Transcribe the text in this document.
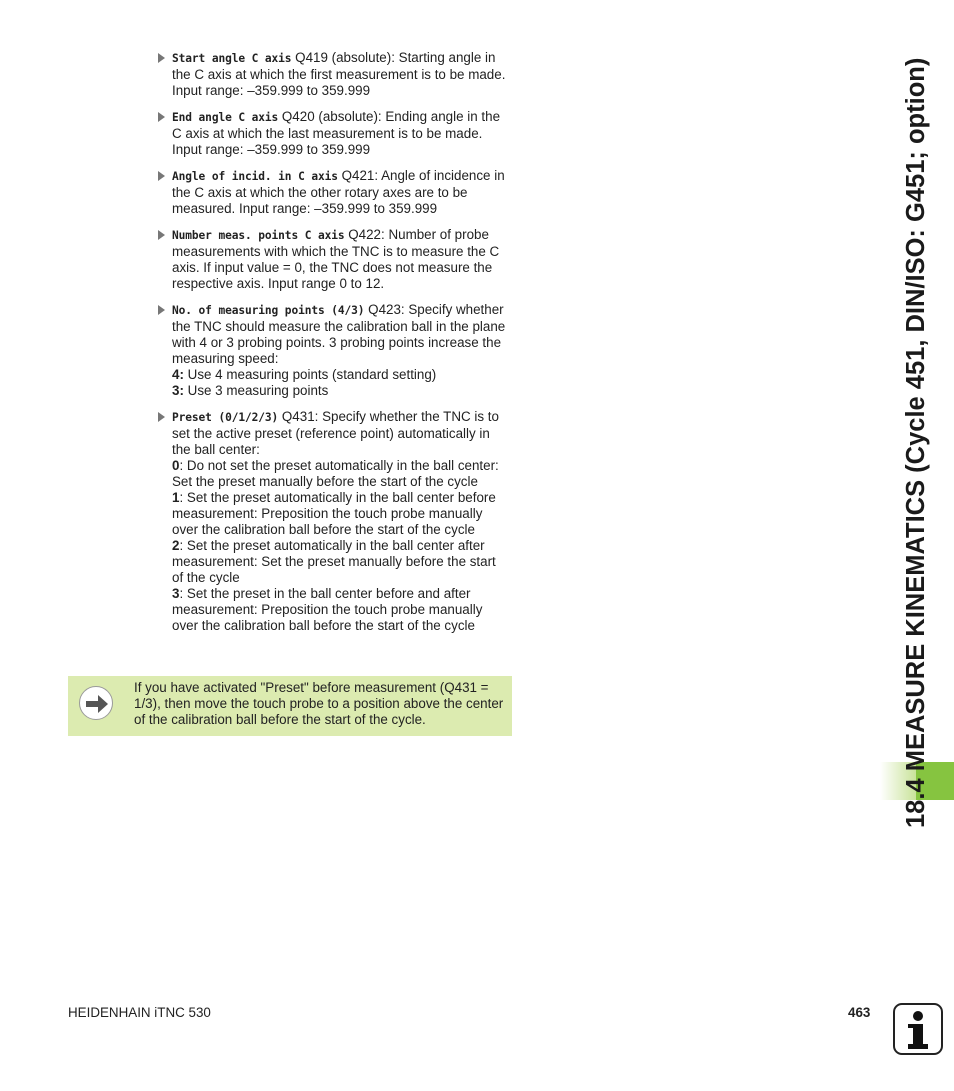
Start angle C axis Q419 (absolute): Starting angle in the C axis at which the first measurement is to be made. Input range: –359.999 to 359.999
End angle C axis Q420 (absolute): Ending angle in the C axis at which the last measurement is to be made. Input range: –359.999 to 359.999
Angle of incid. in C axis Q421: Angle of incidence in the C axis at which the other rotary axes are to be measured. Input range: –359.999 to 359.999
Number meas. points C axis Q422: Number of probe measurements with which the TNC is to measure the C axis. If input value = 0, the TNC does not measure the respective axis. Input range 0 to 12.
No. of measuring points (4/3) Q423: Specify whether the TNC should measure the calibration ball in the plane with 4 or 3 probing points. 3 probing points increase the measuring speed:
4: Use 4 measuring points (standard setting)
3: Use 3 measuring points
Preset (0/1/2/3) Q431: Specify whether the TNC is to set the active preset (reference point) automatically in the ball center:
0: Do not set the preset automatically in the ball center: Set the preset manually before the start of the cycle
1: Set the preset automatically in the ball center before measurement: Preposition the touch probe manually over the calibration ball before the start of the cycle
2: Set the preset automatically in the ball center after measurement: Set the preset manually before the start of the cycle
3: Set the preset in the ball center before and after measurement: Preposition the touch probe manually over the calibration ball before the start of the cycle
If you have activated "Preset" before measurement (Q431 = 1/3), then move the touch probe to a position above the center of the calibration ball before the start of the cycle.	18.4 MEASURE KINEMATICS (Cycle 451, DIN/ISO: G451; option)
HEIDENHAIN iTNC 530	463
